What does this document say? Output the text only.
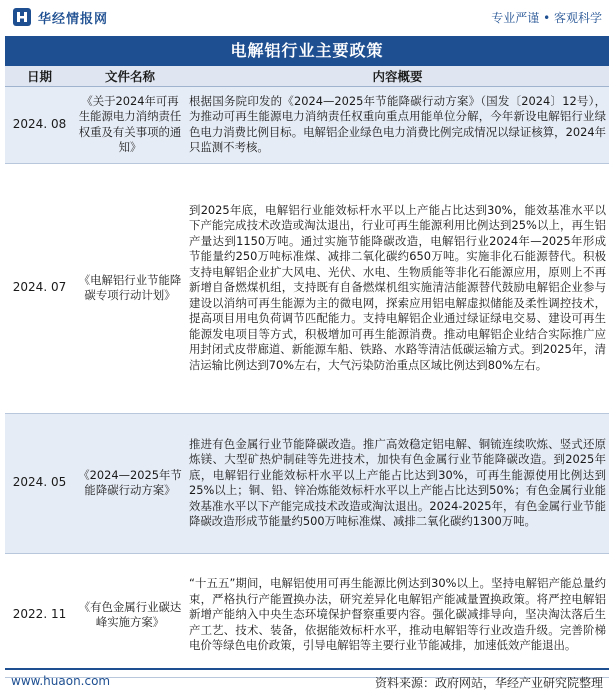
华经情报网	专业严谨 • 客观科学
电解铝行业主要政策
日期	文件名称	内容概要
2024. 08	《关于2024年可再生能源电力消纳责任权重及有关事项的通知》	根据国务院印发的《2024—2025年节能降碳行动方案》（国发〔2024〕12号），为推动可再生能源电力消纳责任权重向重点用能单位分解，今年新设电解铝行业绿色电力消费比例目标。电解铝企业绿色电力消费比例完成情况以绿证核算，2024年只监测不考核。
2024. 07	《电解铝行业节能降碳专项行动计划》	到2025年底，电解铝行业能效标杆水平以上产能占比达到30%，能效基准水平以下产能完成技术改造或淘汰退出，行业可再生能源利用比例达到25%以上，再生铝产量达到1150万吨。通过实施节能降碳改造，电解铝行业2024年—2025年形成节能量约250万吨标准煤、减排二氧化碳约650万吨。实施非化石能源替代。积极支持电解铝企业扩大风电、光伏、水电、生物质能等非化石能源应用，原则上不再新增自备燃煤机组，支持既有自备燃煤机组实施清洁能源替代鼓励电解铝企业参与建设以消纳可再生能源为主的微电网，探索应用铝电解虚拟储能及柔性调控技术，提高项目用电负荷调节匹配能力。支持电解铝企业通过绿证绿电交易、建设可再生能源发电项目等方式，积极增加可再生能源消费。推动电解铝企业结合实际推广应用封闭式皮带廊道、新能源车船、铁路、水路等清洁低碳运输方式。到2025年，清洁运输比例达到70%左右，大气污染防治重点区域比例达到80%左右。
2024. 05	《2024—2025年节能降碳行动方案》	推进有色金属行业节能降碳改造。推广高效稳定铝电解、铜锍连续吹炼、竖式还原炼镁、大型矿热炉制硅等先进技术，加快有色金属行业节能降碳改造。到2025年底，电解铝行业能效标杆水平以上产能占比达到30%，可再生能源使用比例达到25%以上；铜、铅、锌冶炼能效标杆水平以上产能占比达到50%；有色金属行业能效基准水平以下产能完成技术改造或淘汰退出。2024-2025年，有色金属行业节能降碳改造形成节能量约500万吨标准煤、减排二氧化碳约1300万吨。
2022. 11	《有色金属行业碳达峰实施方案》	“十五五”期间，电解铝使用可再生能源比例达到30%以上。坚持电解铝产能总量约束，严格执行产能置换办法，研究差异化电解铝产能减量置换政策。将严控电解铝新增产能纳入中央生态环境保护督察重要内容。强化碳减排导向，坚决淘汰落后生产工艺、技术、装备，依据能效标杆水平，推动电解铝等行业改造升级。完善阶梯电价等绿色电价政策，引导电解铝等主要行业节能减排，加速低效产能退出。
www.huaon.com	资料来源：政府网站，华经产业研究院整理
